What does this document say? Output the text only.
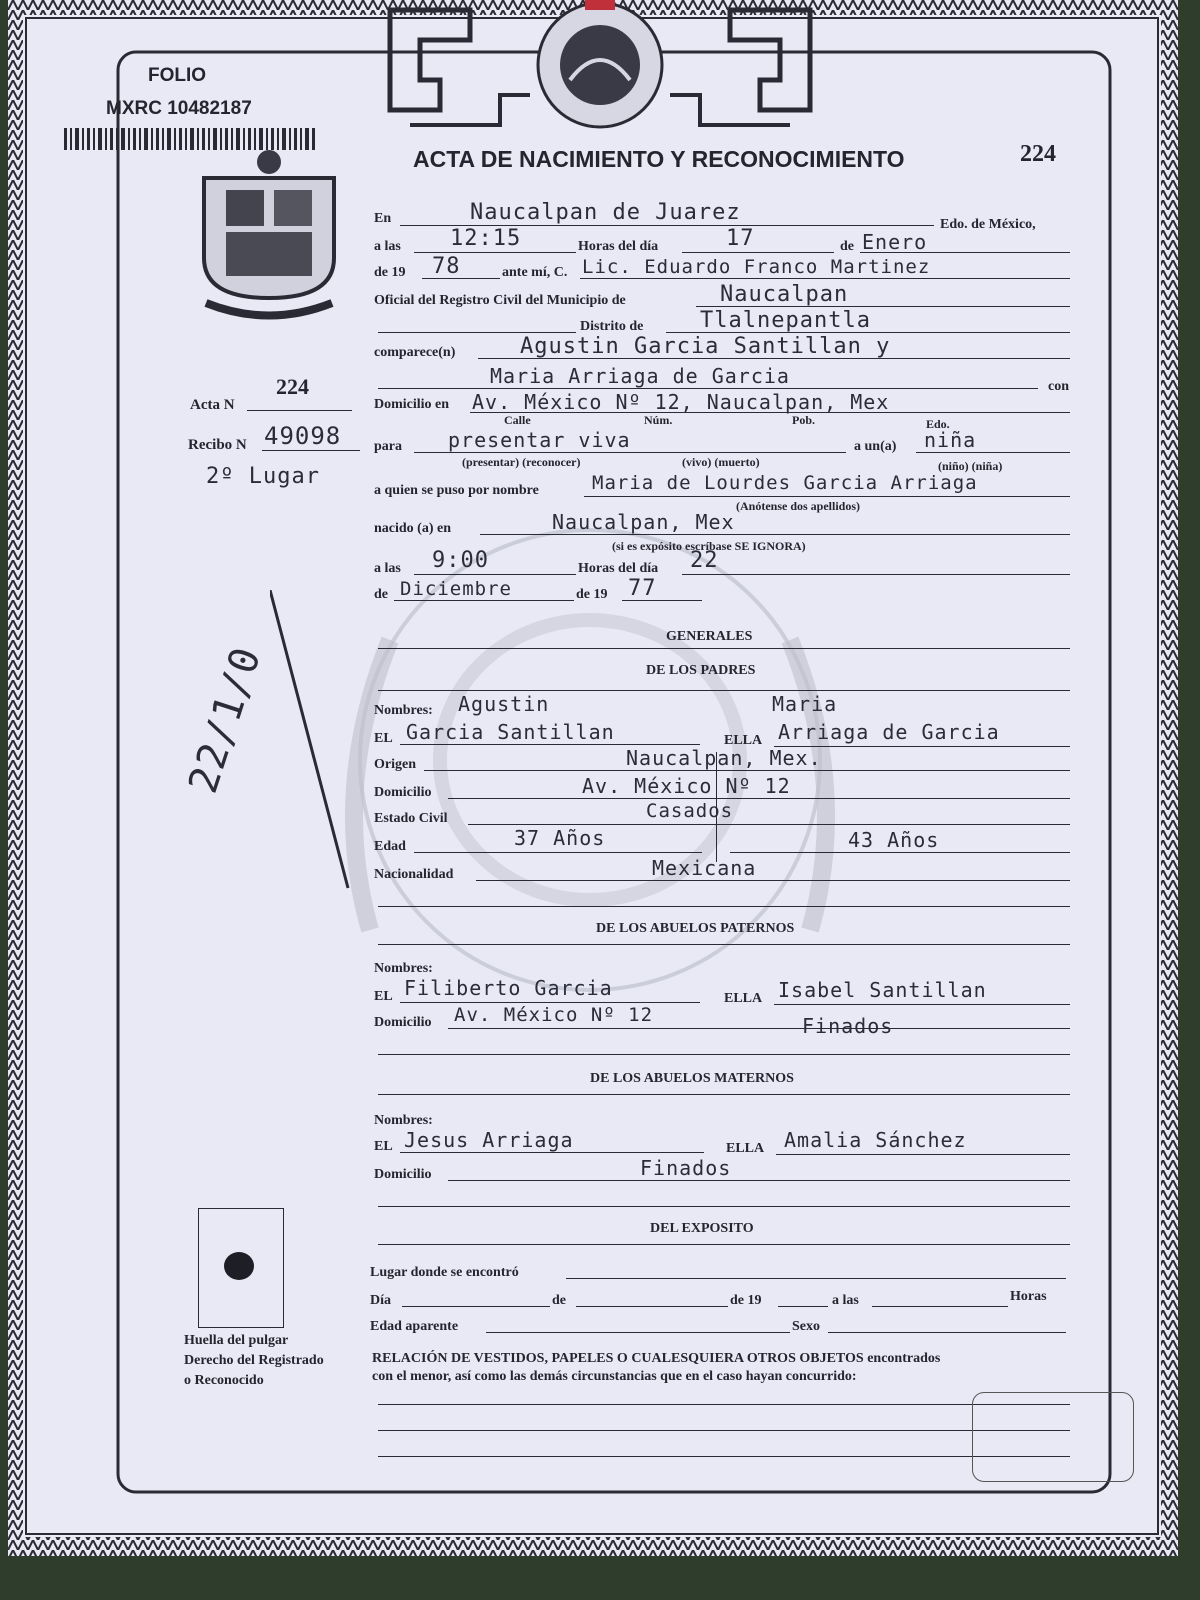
FOLIO
MXRC 10482187
ACTA DE NACIMIENTO Y RECONOCIMIENTO	224
Acta N
224
Recibo N 49098
2º Lugar
22/1/0
En	Naucalpan de Juarez	Edo. de México,
a las 12:15	Horas del día	17	de Enero
de 19 78	ante mí, C. Lic. Eduardo Franco Martinez
Oficial del Registro Civil del Municipio de	Naucalpan
Distrito de	Tlalnepantla
comparece(n)	Agustin Garcia Santillan y
Maria Arriaga de Garcia	con
Domicilio en Av. México Nº 12, Naucalpan, Mex
Calle	Núm.	Pob.	Edo.
para presentar viva	a un(a) niña
(presentar) (reconocer)	(vivo) (muerto)	(niño) (niña)
a quien se puso por nombre	Maria de Lourdes Garcia Arriaga
(Anótense dos apellidos)
nacido (a) en	Naucalpan, Mex
(si es expósito escríbase SE IGNORA)
a las 9:00	Horas del día 22
de Diciembre	de 19 77
GENERALES
DE LOS PADRES
Nombres: Agustin	Maria
EL Garcia Santillan	ELLA Arriaga de Garcia
Origen	Naucalpan, Mex.
Domicilio	Av. México Nº 12
Estado Civil	Casados
Edad	37 Años	43 Años
Nacionalidad	Mexicana
DE LOS ABUELOS PATERNOS
Nombres:
EL Filiberto Garcia	ELLA Isabel Santillan
Domicilio Av. México Nº 12	Finados
DE LOS ABUELOS MATERNOS
Nombres:
EL Jesus Arriaga	ELLA Amalia Sánchez
Domicilio	Finados
DEL EXPOSITO
Lugar donde se encontró
Día	de	de 19	a las	Horas
Edad aparente	Sexo
RELACIÓN DE VESTIDOS, PAPELES O CUALESQUIERA OTROS OBJETOS encontrados
con el menor, así como las demás circunstancias que en el caso hayan concurrido:
Huella del pulgar
Derecho del Registrado
o Reconocido
